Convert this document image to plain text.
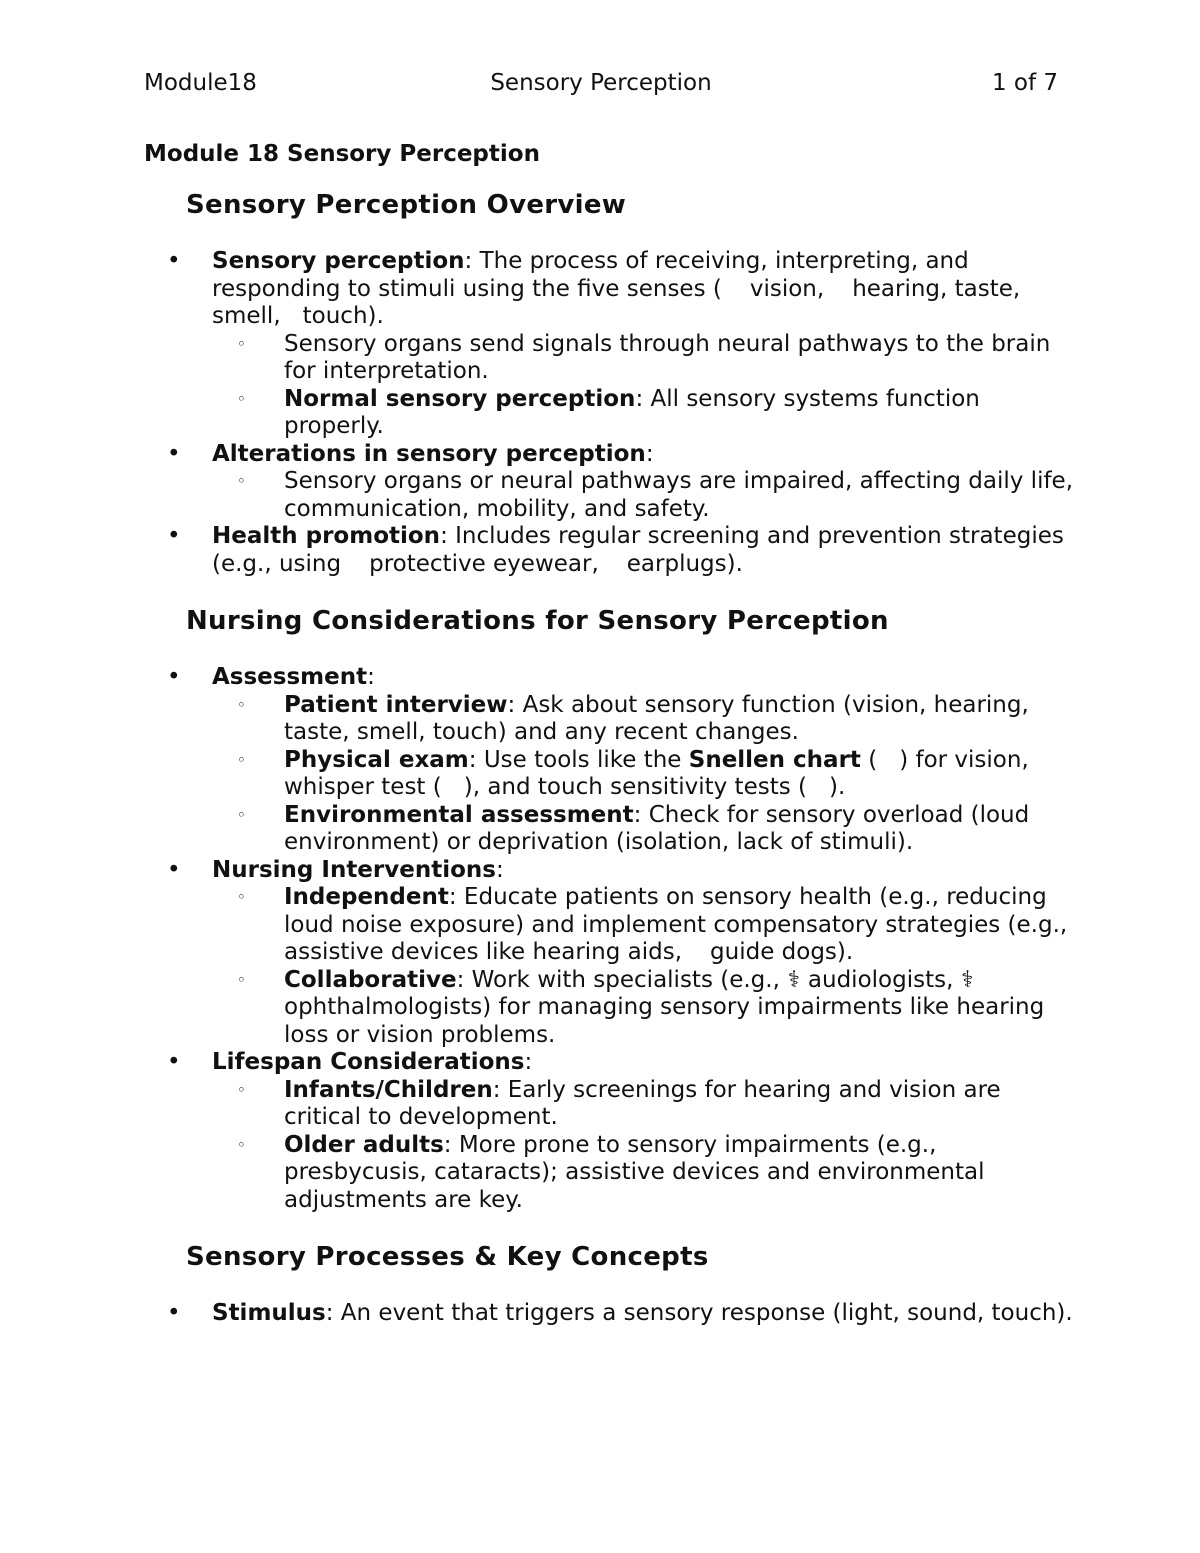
Module18	Sensory Perception	1 of 7
Module 18 Sensory Perception
Sensory Perception Overview
• Sensory perception: The process of receiving, interpreting, and responding to stimuli using the five senses ( vision, hearing, taste,smell, touch).
◦ Sensory organs send signals through neural pathways to the brain for interpretation.
◦ Normal sensory perception: All sensory systems function properly.
• Alterations in sensory perception:
◦ Sensory organs or neural pathways are impaired, affecting daily life, communication, mobility, and safety.
• Health promotion: Includes regular screening and prevention strategies (e.g., using protective eyewear, earplugs).
Nursing Considerations for Sensory Perception
• Assessment:
◦ Patient interview: Ask about sensory function (vision, hearing, taste, smell, touch) and any recent changes.
◦ Physical exam: Use tools like the Snellen chart ( ) for vision, whisper test ( ), and touch sensitivity tests ( ).
◦ Environmental assessment: Check for sensory overload (loud environment) or deprivation (isolation, lack of stimuli).
• Nursing Interventions:
◦ Independent: Educate patients on sensory health (e.g., reducing loud noise exposure) and implement compensatory strategies (e.g., assistive devices like hearing aids, guide dogs).
◦ Collaborative: Work with specialists (e.g., ⚕ audiologists, ⚕ ophthalmologists) for managing sensory impairments like hearing loss or vision problems.
• Lifespan Considerations:
◦ Infants/Children: Early screenings for hearing and vision are critical to development.
◦ Older adults: More prone to sensory impairments (e.g., presbycusis, cataracts); assistive devices and environmental adjustments are key.
Sensory Processes & Key Concepts
• Stimulus: An event that triggers a sensory response (light, sound, touch).
